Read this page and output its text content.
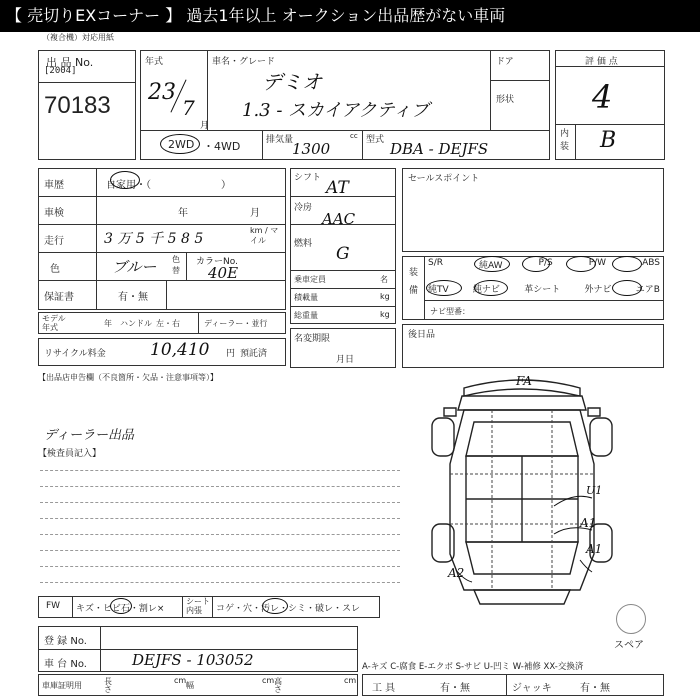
【 売切りEXコーナー 】 過去1年以上 オークション出品歴がない車両
（複合機）対応用紙
出 品 No.
[2004]
70183
年式
23
7
月
車名・グレード
デミオ
1.3 - スカイアクティブ
ドア
形状
2WD ・4WD	排気量	cc
1300	型式 DBA - DEJFS
評 価 点
4
内装 B
車歴	自家用・（　　　　　　　）
車検	年	月
走行	3 万 5 千 5 8 5
km / マイル
色	ブルー 色替
カラーNo.
40E
保証書	有・無
モデル年式	年 ハンドル 左・右	ディーラー・並行
シフト AT
冷房
AAC
燃料 G
乗車定員	名
積載量	kg
総重量	kg
名変期限
月日
セールスポイント
装備
S/R	純AW	P/S	P/W	ABS
純TV	純ナビ	革シート	外ナビ	エアB
ナビ型番：
リサイクル料金	10,410 円 預託済
後日品
【出品店申告欄（不良箇所・欠品・注意事項等）】
ディーラー出品
【検査員記入】
FA
U1
A1
A1
A2
スペア
FW キズ・ヒビ石・割レ×
シート内張	コゲ・穴・汚レ・シミ・破レ・スレ
登 録 No.
車 台 No.	DEJFS - 103052
車庫証明用	長さ
cm
幅
cm 高さ
cm
A-キズ C-腐食 E-エクボ S-サビ U-凹ミ W-補修 XX-交換済
工 具	有・無	ジャッキ	有・無
